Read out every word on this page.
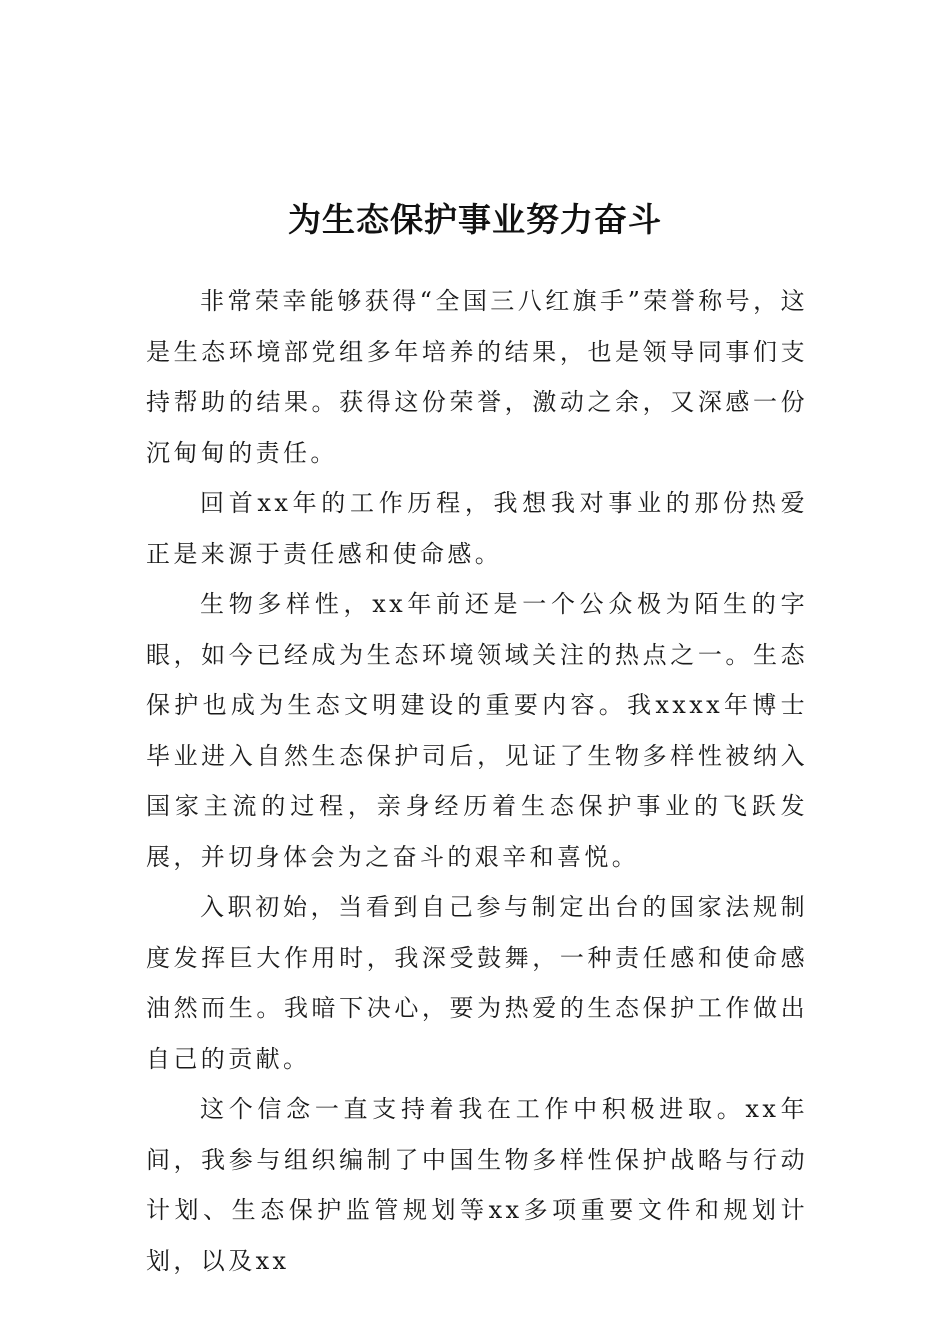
为生态保护事业努力奋斗

非常荣幸能够获得“全国三八红旗手”荣誉称号，这是生态环境部党组多年培养的结果，也是领导同事们支持帮助的结果。获得这份荣誉，激动之余，又深感一份沉甸甸的责任。

回首xx年的工作历程，我想我对事业的那份热爱正是来源于责任感和使命感。

生物多样性，xx年前还是一个公众极为陌生的字眼，如今已经成为生态环境领域关注的热点之一。生态保护也成为生态文明建设的重要内容。我xxxx年博士毕业进入自然生态保护司后，见证了生物多样性被纳入国家主流的过程，亲身经历着生态保护事业的飞跃发展，并切身体会为之奋斗的艰辛和喜悦。

入职初始，当看到自己参与制定出台的国家法规制度发挥巨大作用时，我深受鼓舞，一种责任感和使命感油然而生。我暗下决心，要为热爱的生态保护工作做出自己的贡献。

这个信念一直支持着我在工作中积极进取。xx年间，我参与组织编制了中国生物多样性保护战略与行动计划、生态保护监管规划等xx多项重要文件和规划计划，以及xx
